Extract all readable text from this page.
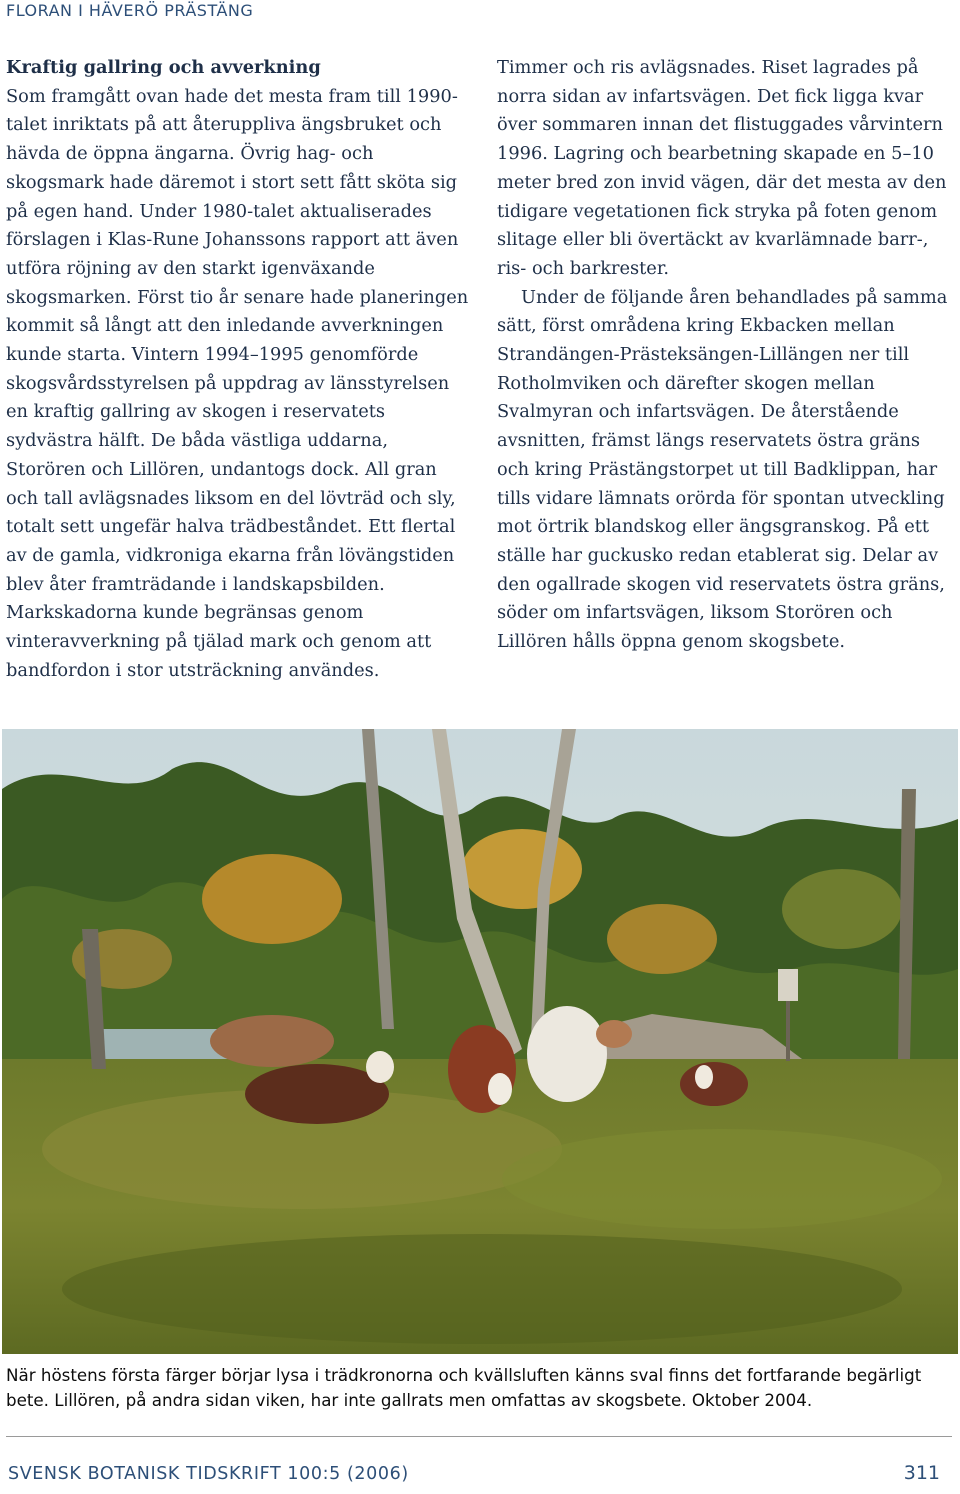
FLORAN I HÄVERÖ PRÄSTÄNG

Kraftig gallring och avverkning

Som framgått ovan hade det mesta fram till 1990-talet inriktats på att återuppliva ängsbruket och hävda de öppna ängarna. Övrig hag- och skogsmark hade däremot i stort sett fått sköta sig på egen hand. Under 1980-talet aktualiserades förslagen i Klas-Rune Johanssons rapport att även utföra röjning av den starkt igenväxande skogsmarken. Först tio år senare hade planeringen kommit så långt att den inledande avverkningen kunde starta. Vintern 1994–1995 genomförde skogsvårdsstyrelsen på uppdrag av länsstyrelsen en kraftig gallring av skogen i reservatets sydvästra hälft. De båda västliga uddarna, Storören och Lillören, undantogs dock. All gran och tall avlägsnades liksom en del lövträd och sly, totalt sett ungefär halva trädbeståndet. Ett flertal av de gamla, vidkroniga ekarna från lövängstiden blev åter framträdande i landskapsbilden. Markskadorna kunde begränsas genom vinteravverkning på tjälad mark och genom att bandfordon i stor utsträckning användes.

Timmer och ris avlägsnades. Riset lagrades på norra sidan av infartsvägen. Det fick ligga kvar över sommaren innan det flistuggades vårvintern 1996. Lagring och bearbetning skapade en 5–10 meter bred zon invid vägen, där det mesta av den tidigare vegetationen fick stryka på foten genom slitage eller bli övertäckt av kvarlämnade barr-, ris- och barkrester.

Under de följande åren behandlades på samma sätt, först områdena kring Ekbacken mellan Strandängen-Prästeksängen-Lillängen ner till Rotholmviken och därefter skogen mellan Svalmyran och infartsvägen. De återstående avsnitten, främst längs reservatets östra gräns och kring Prästängstorpet ut till Badklippan, har tills vidare lämnats orörda för spontan utveckling mot örtrik blandskog eller ängsgranskog. På ett ställe har guckusko redan etablerat sig. Delar av den ogallrade skogen vid reservatets östra gräns, söder om infartsvägen, liksom Storören och Lillören hålls öppna genom skogsbete.

När höstens första färger börjar lysa i trädkronorna och kvällsluften känns sval finns det fortfarande begärligt bete. Lillören, på andra sidan viken, har inte gallrats men omfattas av skogsbete. Oktober 2004.
SVENSK BOTANISK TIDSKRIFT 100:5 (2006)	311
